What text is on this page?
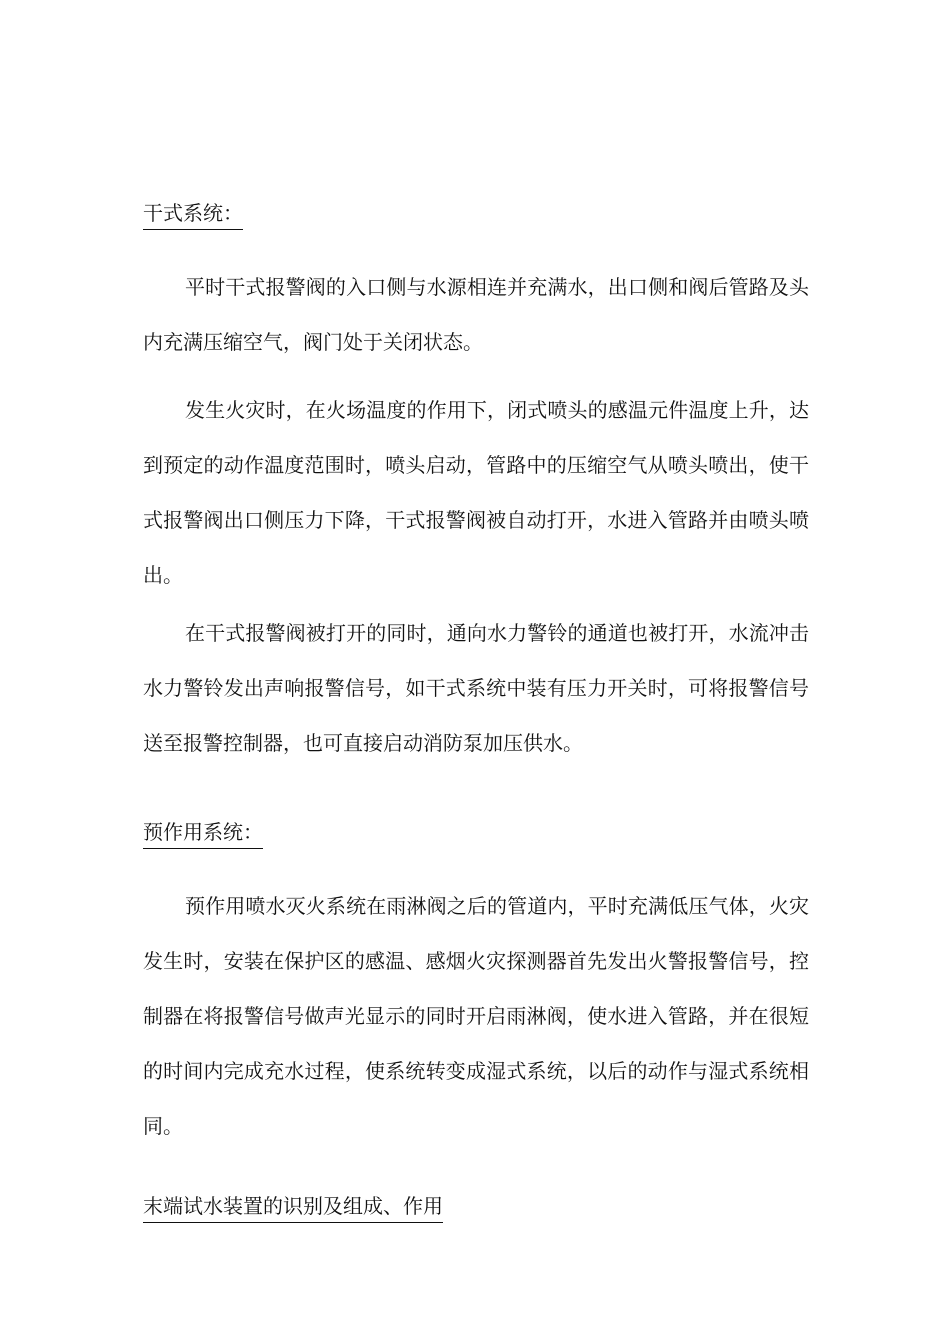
干式系统：

平时干式报警阀的入口侧与水源相连并充满水，出口侧和阀后管路及头内充满压缩空气，阀门处于关闭状态。

发生火灾时，在火场温度的作用下，闭式喷头的感温元件温度上升，达到预定的动作温度范围时，喷头启动，管路中的压缩空气从喷头喷出，使干式报警阀出口侧压力下降，干式报警阀被自动打开，水进入管路并由喷头喷出。

在干式报警阀被打开的同时，通向水力警铃的通道也被打开，水流冲击水力警铃发出声响报警信号，如干式系统中装有压力开关时，可将报警信号送至报警控制器，也可直接启动消防泵加压供水。

预作用系统：

预作用喷水灭火系统在雨淋阀之后的管道内，平时充满低压气体，火灾发生时，安装在保护区的感温、感烟火灾探测器首先发出火警报警信号，控制器在将报警信号做声光显示的同时开启雨淋阀，使水进入管路，并在很短的时间内完成充水过程，使系统转变成湿式系统，以后的动作与湿式系统相同。

末端试水装置的识别及组成、作用
